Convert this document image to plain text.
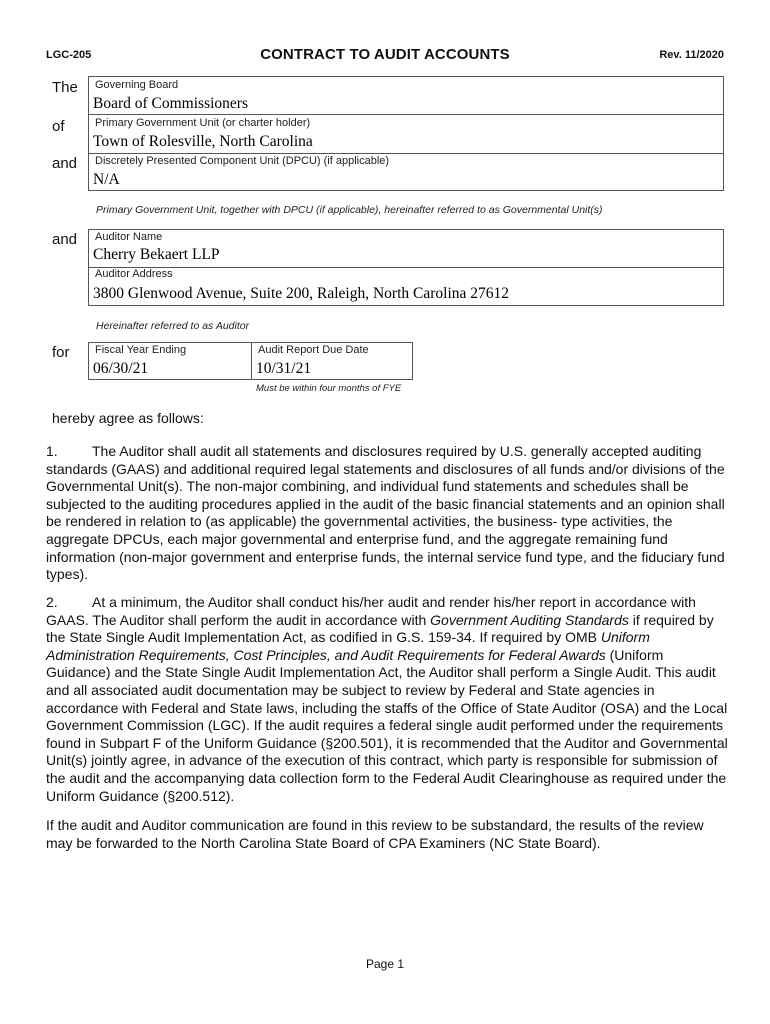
LGC-205	CONTRACT TO AUDIT ACCOUNTS	Rev. 11/2020
The
of
and
Governing Board
Board of Commissioners
Primary Government Unit (or charter holder)
Town of Rolesville, North Carolina
Discretely Presented Component Unit (DPCU) (if applicable)
N/A
Primary Government Unit, together with DPCU (if applicable), hereinafter referred to as Governmental Unit(s)
and Auditor Name
Cherry Bekaert LLP
Auditor Address
3800 Glenwood Avenue, Suite 200, Raleigh, North Carolina 27612
Hereinafter referred to as Auditor
for Fiscal Year Ending
06/30/21
Audit Report Due Date
10/31/21
Must be within four months of FYE
hereby agree as follows:

1. The Auditor shall audit all statements and disclosures required by U.S. generally accepted auditing standards (GAAS) and additional required legal statements and disclosures of all funds and/or divisions of the Governmental Unit(s). The non-major combining, and individual fund statements and schedules shall be subjected to the auditing procedures applied in the audit of the basic financial statements and an opinion shall be rendered in relation to (as applicable) the governmental activities, the business- type activities, the aggregate DPCUs, each major governmental and enterprise fund, and the aggregate remaining fund information (non-major government and enterprise funds, the internal service fund type, and the fiduciary fund types).

2. At a minimum, the Auditor shall conduct his/her audit and render his/her report in accordance with GAAS. The Auditor shall perform the audit in accordance with Government Auditing Standards if required by the State Single Audit Implementation Act, as codified in G.S. 159-34. If required by OMB Uniform Administration Requirements, Cost Principles, and Audit Requirements for Federal Awards (Uniform Guidance) and the State Single Audit Implementation Act, the Auditor shall perform a Single Audit. This audit and all associated audit documentation may be subject to review by Federal and State agencies in accordance with Federal and State laws, including the staffs of the Office of State Auditor (OSA) and the Local Government Commission (LGC). If the audit requires a federal single audit performed under the requirements found in Subpart F of the Uniform Guidance (§200.501), it is recommended that the Auditor and Governmental Unit(s) jointly agree, in advance of the execution of this contract, which party is responsible for submission of the audit and the accompanying data collection form to the Federal Audit Clearinghouse as required under the Uniform Guidance (§200.512).

If the audit and Auditor communication are found in this review to be substandard, the results of the review may be forwarded to the North Carolina State Board of CPA Examiners (NC State Board).

Page 1
